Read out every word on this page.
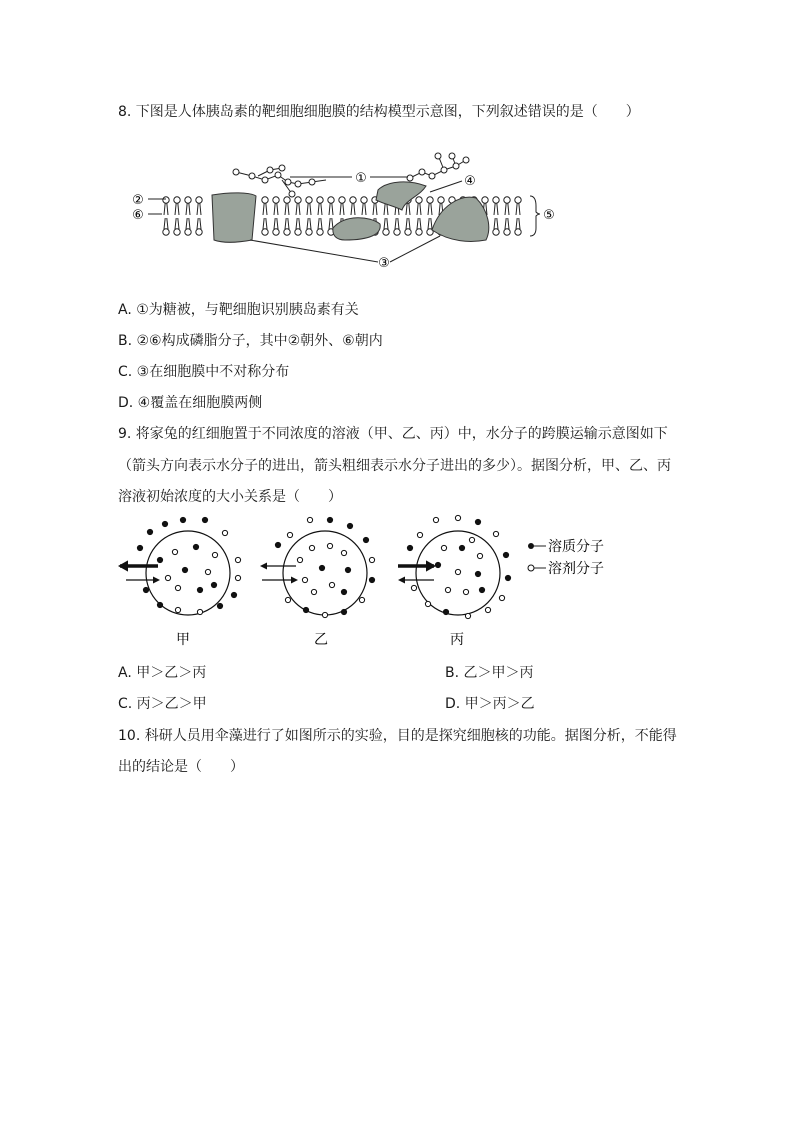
8. 下图是人体胰岛素的靶细胞细胞膜的结构模型示意图，下列叙述错误的是（　　）
①
②
⑥
③
④
⑤
A. ①为糖被，与靶细胞识别胰岛素有关
B. ②⑥构成磷脂分子，其中②朝外、⑥朝内
C. ③在细胞膜中不对称分布
D. ④覆盖在细胞膜两侧
9. 将家兔的红细胞置于不同浓度的溶液（甲、乙、丙）中，水分子的跨膜运输示意图如下
（箭头方向表示水分子的进出，箭头粗细表示水分子进出的多少）。据图分析，甲、乙、丙
溶液初始浓度的大小关系是（　　）
溶质分子
溶剂分子
甲	乙	丙
A. 甲＞乙＞丙	B. 乙＞甲＞丙
C. 丙＞乙＞甲	D. 甲＞丙＞乙
10. 科研人员用伞藻进行了如图所示的实验，目的是探究细胞核的功能。据图分析，不能得
出的结论是（　　）
